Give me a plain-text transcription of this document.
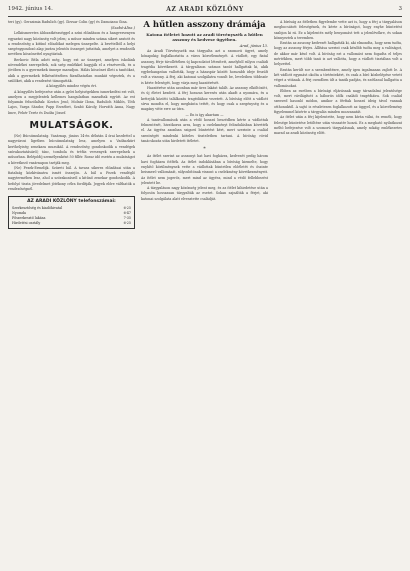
1942. június 14.	AZ ARADI KÖZLÖNY	3

teri (gy). Gerasimia Radulich (gy). Ilovsar Colin (gy) és Damoianu Gina.

(Szabó-Alisz.)

Lelkiismeretes áldozatkészséggel a színi előadáson és a hangversenyen egyaránt nagy közönség volt jelen; a műsor minden száma sikert aratott és a rendezőség a kitűnő előadókat melegen ünnepelte. A bevételből a helyi szegénygondozó alap javára jelentős összeget juttattak, amelyet a rendezők nevében köszönettel nyugtáztak.

Berkovic Béla adott még, hogy ezt az ünnepet, amelyen iskolánk növendékei szerepeltek, sok szép emlékkel hagyják el a résztvevők, és a jövőben is a gyermekek ünnepe maradjon. Hálás köszönet illeti a tanítókat, akik a gyermekek felkészítésében fáradhatatlan munkát végeztek, és a szülőket, akik a rendezést támogatták.

A közgyűlés mindez végén ért.

A közgyűlés befejezése után a győri helyiségekben ismerkedési est volt, amelyen a megjelentek kellemes hangulatban maradtak együtt. Az est folyamán felszólaltak: Kovács Jenő, Molnár Ilona, Radulich Miklós, Tóth Lajos, Varga Sándor, Papp Erzsébet, Szabó Károly, Horváth Anna, Nagy Imre, Fehér Teréz és Dudás József.

MULATSÁGOK.

(Ne) Búcsúmulatság. Vasárnap, június 14-én délután 4 órai kezdettel a nagyvárosi ligetben búcsúmulatság lesz, amelyen a Vadászkürt kerthelyiség zenekara muzsikál. A rendezőség gondoskodik a vendégek szórakoztatásáról; tánc, tombola és tréfás versenyek szerepelnek a műsorban. Belépődíj személyenként 50 fillér. Rossz idő esetén a mulatságot a következő vasárnapon tartják meg.

(Ne) Fezek-Ermelijk. Szüreti bál. A tavasz sikeres előadásai után a fiatalság közkívánatra ismét összejön. A bál a Fezek vendéglő nagytermében lesz, ahol a szórakozásról a kitűnő zenekar gondoskodik. A befolyó tiszta jövedelmet jótékony célra fordítják. Jegyek előre válthatók a rendezőségnél.

AZ ARADI KÖZLÖNY telefonszámai:
Szerkesztőség és kiadóhivatal	6-25
Nyomda	6-47
Főszerkesztő lakása	7-35
Hirdetési osztály	6-25
A hűtlen asszony drámája
Katona ítéletet hozott az aradi törvényszék a hűtlen asszony és kedvese ügyében.
Arad, június 13.

Az Aradi Törvényszék ma tárgyalta azt a szomorú ügyet, amely hónapokig foglalkoztatta a város közvéleményét. A vádlott, egy fiatal asszony, férje távollétében új kapcsolatot létesített, amelyből súlyos családi tragédia következett. A tárgyaláson számos tanút hallgattak ki, akik egybehangzóan vallották, hogy a házaspár között hosszabb ideje feszült volt a viszony. A férj, aki katonai szolgálatra vonult be, leveleiben többször is kérte feleségét, hogy várja meg hazatérését.

Hazatérése után azonban már üres lakást talált. Az asszony elköltözött, és új életet kezdett. A férj hosszas keresés után akadt a nyomára, és a kettejük közötti találkozás tragédiához vezetett. A bíróság előtt a vádlott sírva mondta el, hogy megbánta tettét, és hogy csak a szegénység és a magány vitte erre az útra.

— Én is így akartam —

A tanúvallomások után a védő hosszú beszédben kérte a vádlottak felmentését, hivatkozva arra, hogy a cselekményt felindulásban követték el. Az ügyész azonban szigorú büntetést kért, mert szerinte a család szentségét mindenki köteles tiszteletben tartani. A bíróság rövid tanácskozás után hirdetett ítéletet.

*

Az ítélet szerint az asszonyt hat havi fogházra, kedvesét pedig három havi fogházra ítélték. Az ítélet indoklásában a bíróság kiemelte, hogy enyhítő körülménynek vette a vádlottak büntetlen előéletét és őszinte beismerő vallomását, súlyosbítónak viszont a cselekmény következményeit. Az ítélet nem jogerős, mert mind az ügyész, mind a védő fellebbezést jelentett be.

A tárgyaláson nagy közönség jelent meg, és az ítélet kihirdetése után a folyosón hosszasan tárgyalták az esetet. Sokan sajnálták a férjet, aki katonai szolgálata alatt elvesztette családját.

A bíróság az ítéletben figyelembe vette azt is, hogy a férj a tárgyaláson megbocsátott feleségének, és kérte a bíróságot, hogy enyhe büntetést szabjon ki rá. Ez a kijelentés mély benyomást tett a jelenlévőkre, és sokan könnyeztek a teremben.

Ezután az asszony kedvesét hallgatták ki, aki elmondta, hogy nem tudta, hogy az asszony férjes. Állítása szerint csak később tudta meg a valóságot, de akkor már késő volt. A bíróság ezt a vallomást nem fogadta el teljes mértékben, mert több tanú is azt vallotta, hogy a vádlott tisztában volt a helyzettel.

Ezután került sor a szembesítésre, amely igen izgalmasan zajlott le. A két vádlott egymást okolta a történtekért, és csak a bíró közbelépése vetett véget a vitának. A férj csendben ült a tanúk padján, és szótlanul hallgatta a vallomásokat.

Ebben az esetben a bírósági eljárásnak nagy társadalmi jelentősége volt, mert rávilágított a háborús idők családi tragédiáira. Sok család szenved hasonló módon, amikor a férfiak hosszú ideig távol vannak otthonuktól. A sajtó is részletesen foglalkozott az üggyel, és a közvélemény figyelemmel kísérte a tárgyalás minden mozzanatát.

Az ítélet után a férj kijelentette, hogy nem kíván válni, és reméli, hogy felesége büntetése letöltése után visszatér hozzá. Ez a megható nyilatkozat méltó befejezése volt a szomorú tárgyalásnak, amely sokáig emlékezetes marad az aradi közönség előtt.
